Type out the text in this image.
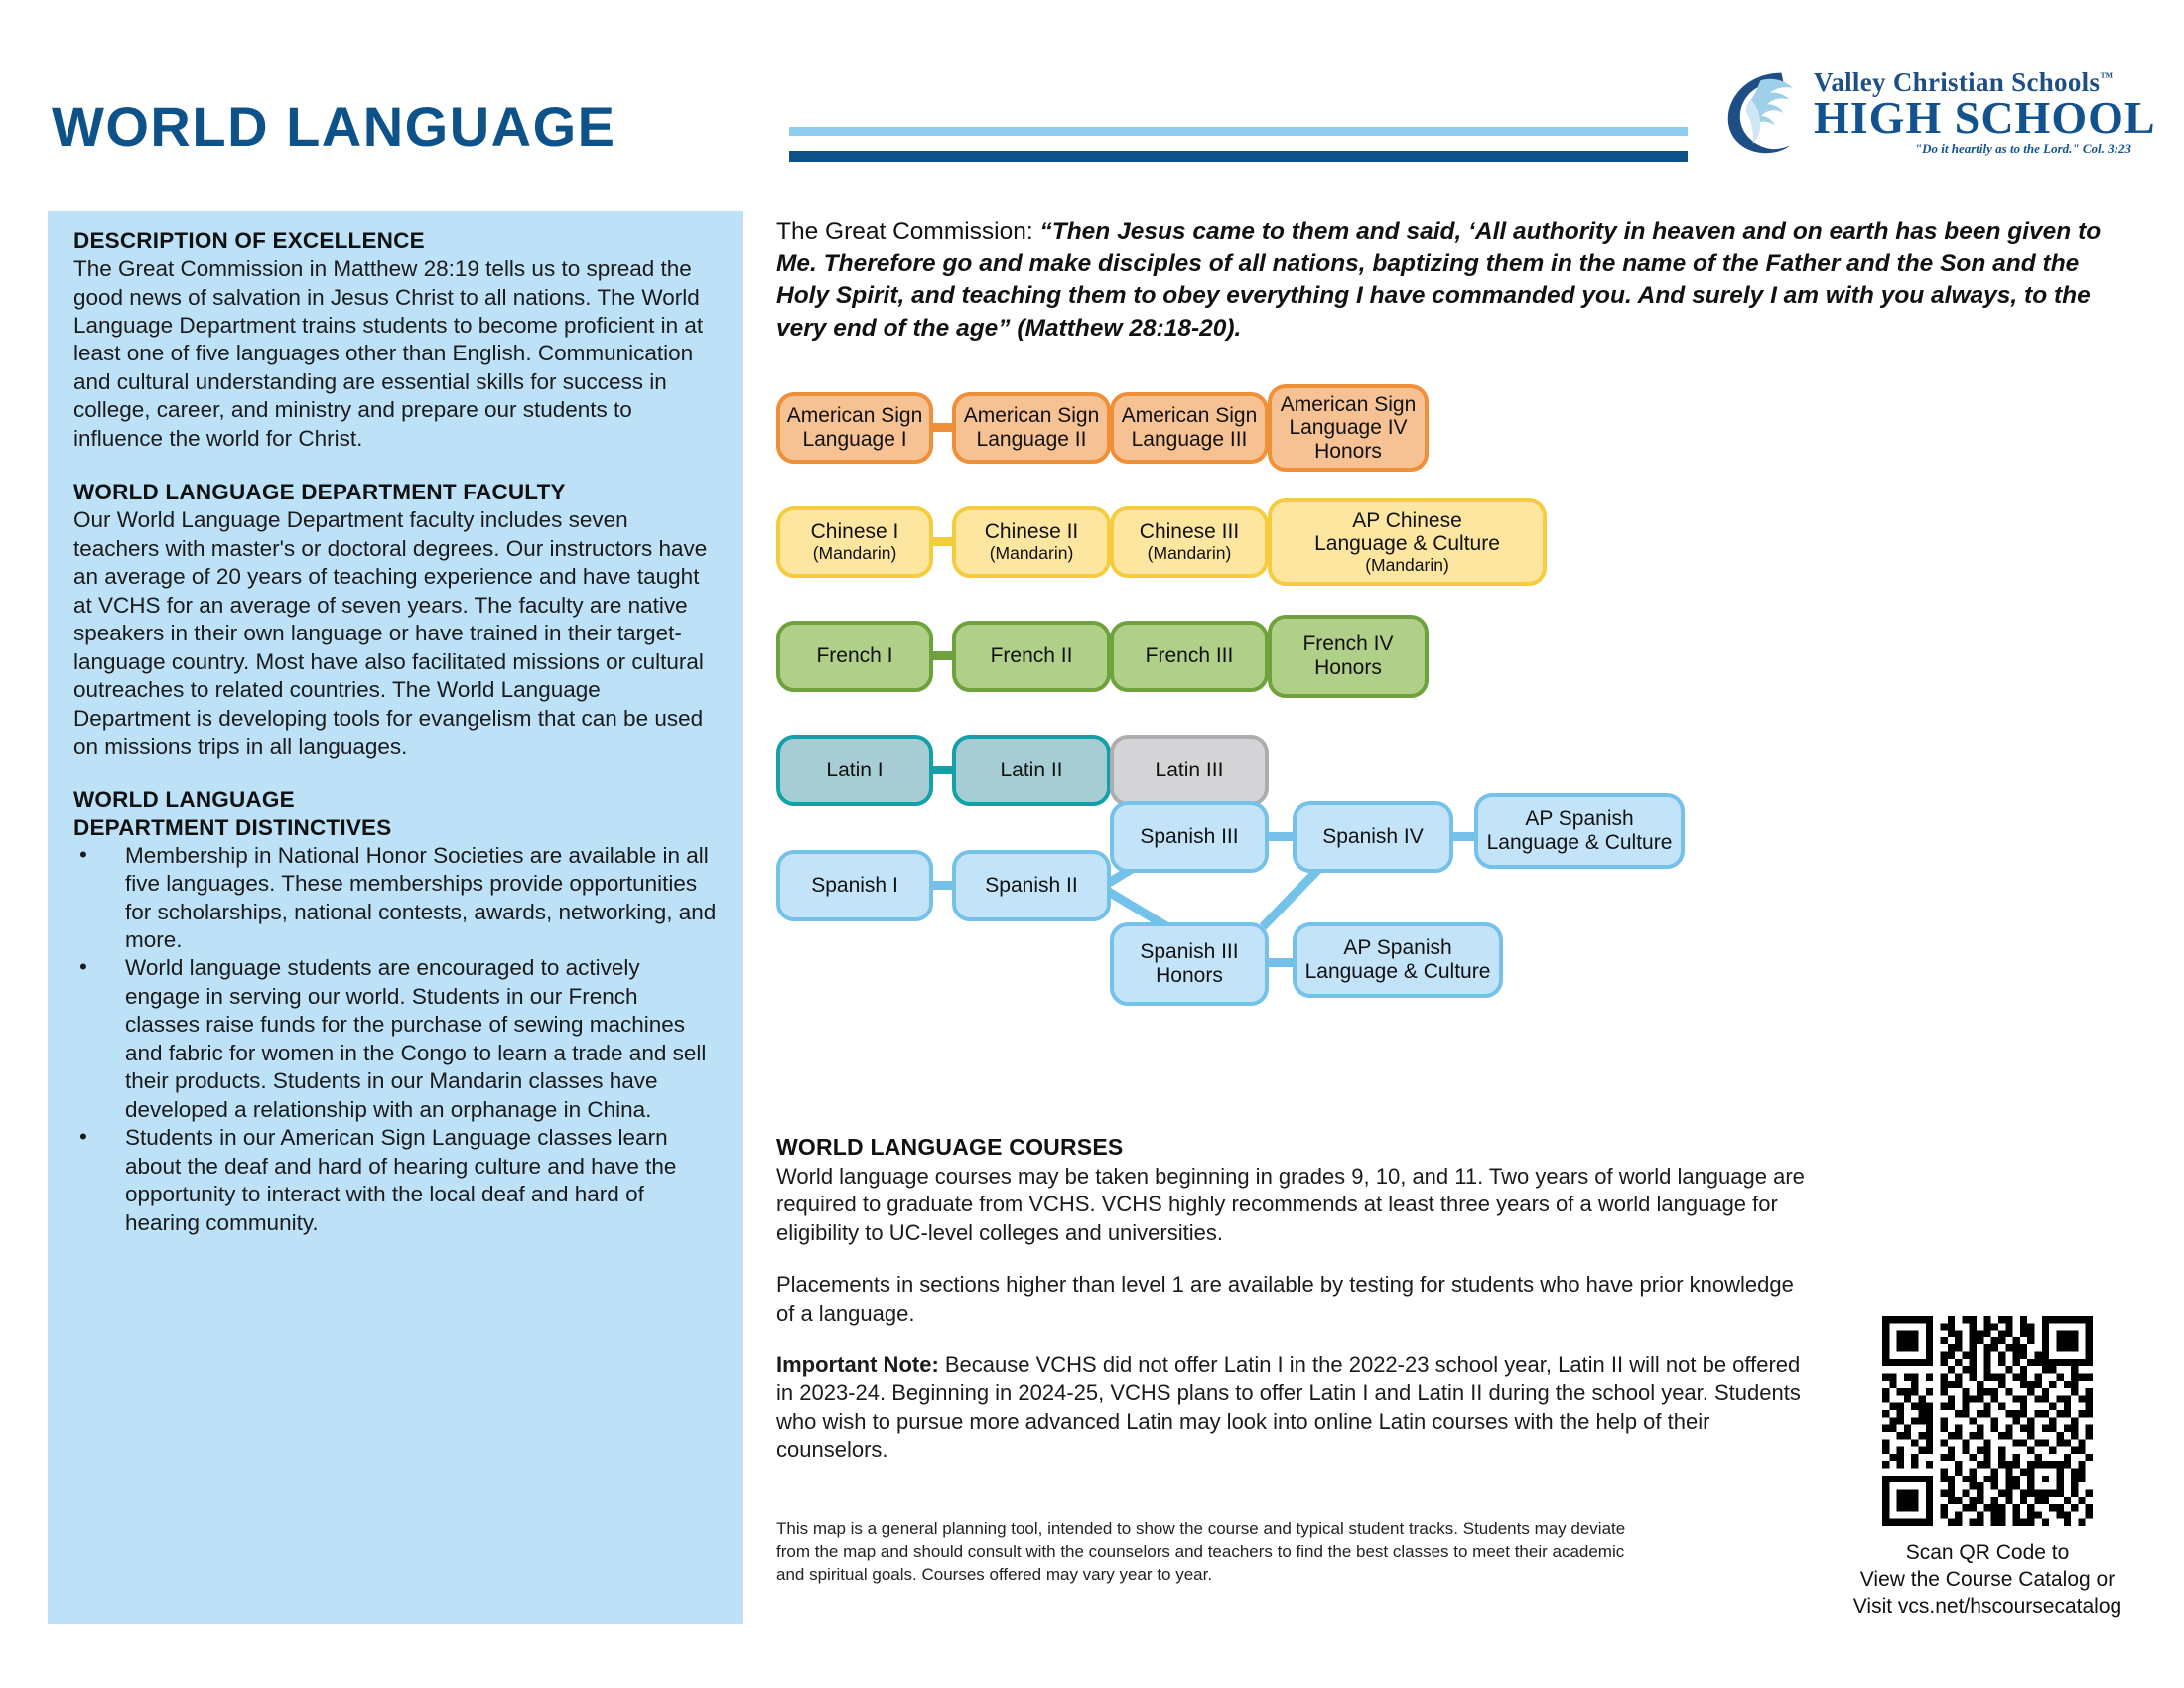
WORLD LANGUAGE
Valley Christian Schools™
HIGH SCHOOL
"Do it heartily as to the Lord." Col. 3:23
DESCRIPTION OF EXCELLENCE

The Great Commission in Matthew 28:19 tells us to spread the good news of salvation in Jesus Christ to all nations. The World Language Department trains students to become proficient in at least one of five languages other than English. Communication and cultural understanding are essential skills for success in college, career, and ministry and prepare our students to influence the world for Christ.

WORLD LANGUAGE DEPARTMENT FACULTY

Our World Language Department faculty includes seven teachers with master's or doctoral degrees. Our instructors have an average of 20 years of teaching experience and have taught at VCHS for an average of seven years. The faculty are native speakers in their own language or have trained in their target-language country. Most have also facilitated missions or cultural outreaches to related countries. The World Language Department is developing tools for evangelism that can be used on missions trips in all languages.

WORLD LANGUAGE
DEPARTMENT DISTINCTIVES
• Membership in National Honor Societies are available in all five languages. These memberships provide opportunities for scholarships, national contests, awards, networking, and more.
• World language students are encouraged to actively engage in serving our world. Students in our French classes raise funds for the purchase of sewing machines and fabric for women in the Congo to learn a trade and sell their products. Students in our Mandarin classes have developed a relationship with an orphanage in China.
• Students in our American Sign Language classes learn about the deaf and hard of hearing culture and have the opportunity to interact with the local deaf and hard of hearing community.
The Great Commission: “Then Jesus came to them and said, ‘All authority in heaven and on earth has been given to Me. Therefore go and make disciples of all nations, baptizing them in the name of the Father and the Son and the Holy Spirit, and teaching them to obey everything I have commanded you. And surely I am with you always, to the very end of the age” (Matthew 28:18-20).
American Sign
Language I
American Sign
Language II
American Sign
Language III
American Sign
Language IV
Honors
Chinese I
(Mandarin)
Chinese II
(Mandarin)
Chinese III
(Mandarin)
AP Chinese
Language & Culture
(Mandarin)
French I	French II	French III
French IV
Honors
Latin I	Latin II	Latin III
Spanish I	Spanish II
Spanish III
Spanish III
Honors
Spanish IV
AP Spanish
Language & Culture
AP Spanish
Language & Culture
WORLD LANGUAGE COURSES

World language courses may be taken beginning in grades 9, 10, and 11. Two years of world language are required to graduate from VCHS. VCHS highly recommends at least three years of a world language for eligibility to UC-level colleges and universities.

Placements in sections higher than level 1 are available by testing for students who have prior knowledge of a language.

Important Note: Because VCHS did not offer Latin I in the 2022-23 school year, Latin II will not be offered in 2023-24. Beginning in 2024-25, VCHS plans to offer Latin I and Latin II during the school year. Students who wish to pursue more advanced Latin may look into online Latin courses with the help of their counselors.

This map is a general planning tool, intended to show the course and typical student tracks. Students may deviate from the map and should consult with the counselors and teachers to find the best classes to meet their academic and spiritual goals. Courses offered may vary year to year.
Scan QR Code to
View the Course Catalog or
Visit vcs.net/hscoursecatalog
